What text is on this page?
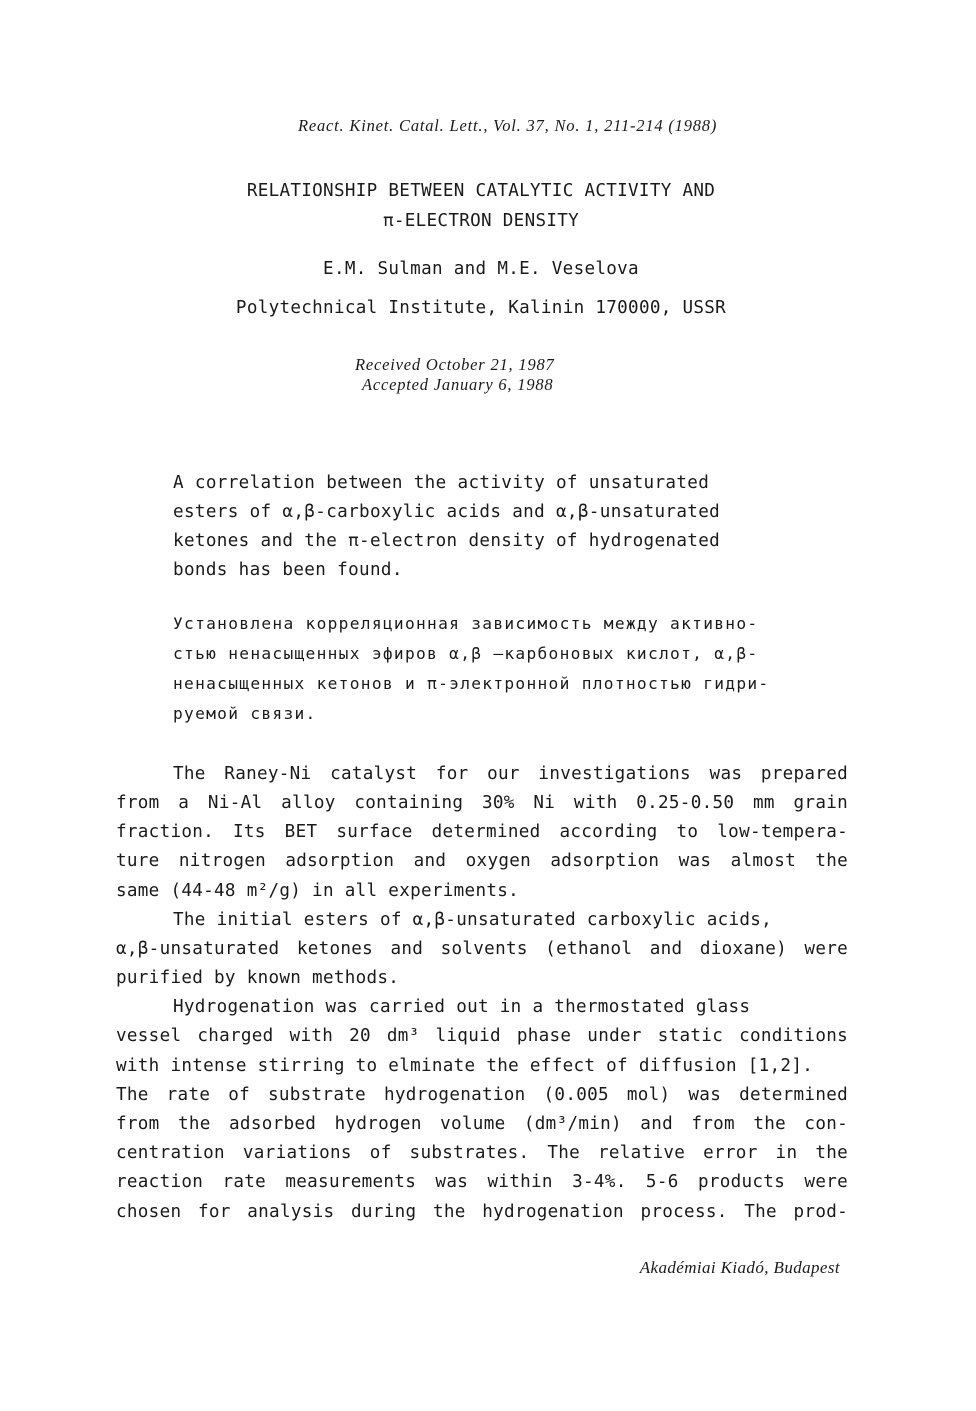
React. Kinet. Catal. Lett., Vol. 37, No. 1, 211-214 (1988)
RELATIONSHIP BETWEEN CATALYTIC ACTIVITY AND
π-ELECTRON DENSITY
E.M. Sulman and M.E. Veselova
Polytechnical Institute, Kalinin 170000, USSR
Received October 21, 1987
Accepted January 6, 1988
A correlation between the activity of unsaturated
esters of α,β-carboxylic acids and α,β-unsaturated
ketones and the π-electron density of hydrogenated
bonds has been found.
Установлена корреляционная зависимость между активно-
стью ненасыщенных эфиров α,β —карбоновых кислот, α,β-
ненасыщенных кетонов и π-электронной плотностью гидри-
руемой связи.
The Raney-Ni catalyst for our investigations was prepared
from a Ni-Al alloy containing 30% Ni with 0.25-0.50 mm grain
fraction. Its BET surface determined according to low-tempera-
ture nitrogen adsorption and oxygen adsorption was almost the
same (44-48 m²/g) in all experiments.
The initial esters of α,β-unsaturated carboxylic acids,
α,β-unsaturated ketones and solvents (ethanol and dioxane) were
purified by known methods.
Hydrogenation was carried out in a thermostated glass
vessel charged with 20 dm³ liquid phase under static conditions
with intense stirring to elminate the effect of diffusion [1,2].
The rate of substrate hydrogenation (0.005 mol) was determined
from the adsorbed hydrogen volume (dm³/min) and from the con-
centration variations of substrates. The relative error in the
reaction rate measurements was within 3-4%. 5-6 products were
chosen for analysis during the hydrogenation process. The prod-
Akadémiai Kiadó, Budapest
